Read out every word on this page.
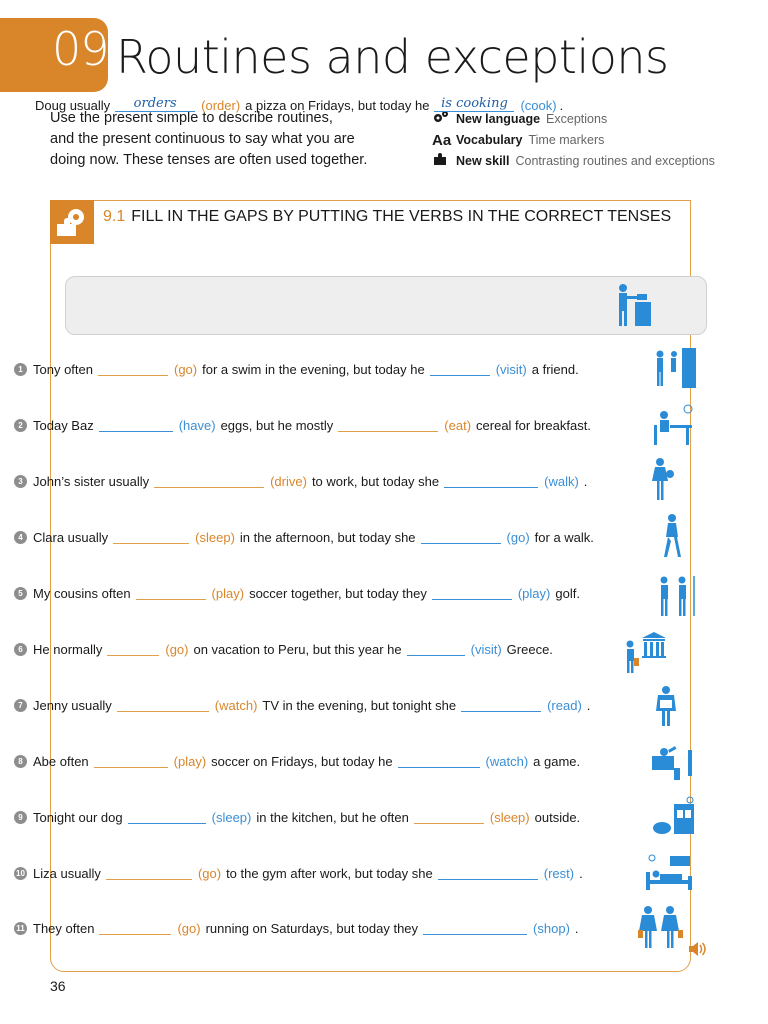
09 Routines and exceptions

Use the present simple to describe routines,

and the present continuous to say what you are

doing now. These tenses are often used together.

New language Exceptions
Aa Vocabulary Time markers
New skill Contrasting routines and exceptions
9.1 FILL IN THE GAPS BY PUTTING THE VERBS IN THE CORRECT TENSES
Doug usually	orders	(order) a pizza on Fridays, but today he is cooking (cook) .
1 Tony often	(go) for a swim in the evening, but today he	(visit) a friend.
2 Today Baz	(have) eggs, but he mostly	(eat) cereal for breakfast.
3 John’s sister usually	(drive) to work, but today she	(walk) .
4 Clara usually	(sleep) in the afternoon, but today she	(go) for a walk.
5 My cousins often	(play) soccer together, but today they	(play) golf.
6 He normally	(go) on vacation to Peru, but this year he	(visit) Greece.
7 Jenny usually	(watch) TV in the evening, but tonight she	(read) .
8 Abe often	(play) soccer on Fridays, but today he	(watch) a game.
9 Tonight our dog	(sleep) in the kitchen, but he often	(sleep) outside.
10 Liza usually	(go) to the gym after work, but today she	(rest) .
11 They often	(go) running on Saturdays, but today they	(shop) .
36
